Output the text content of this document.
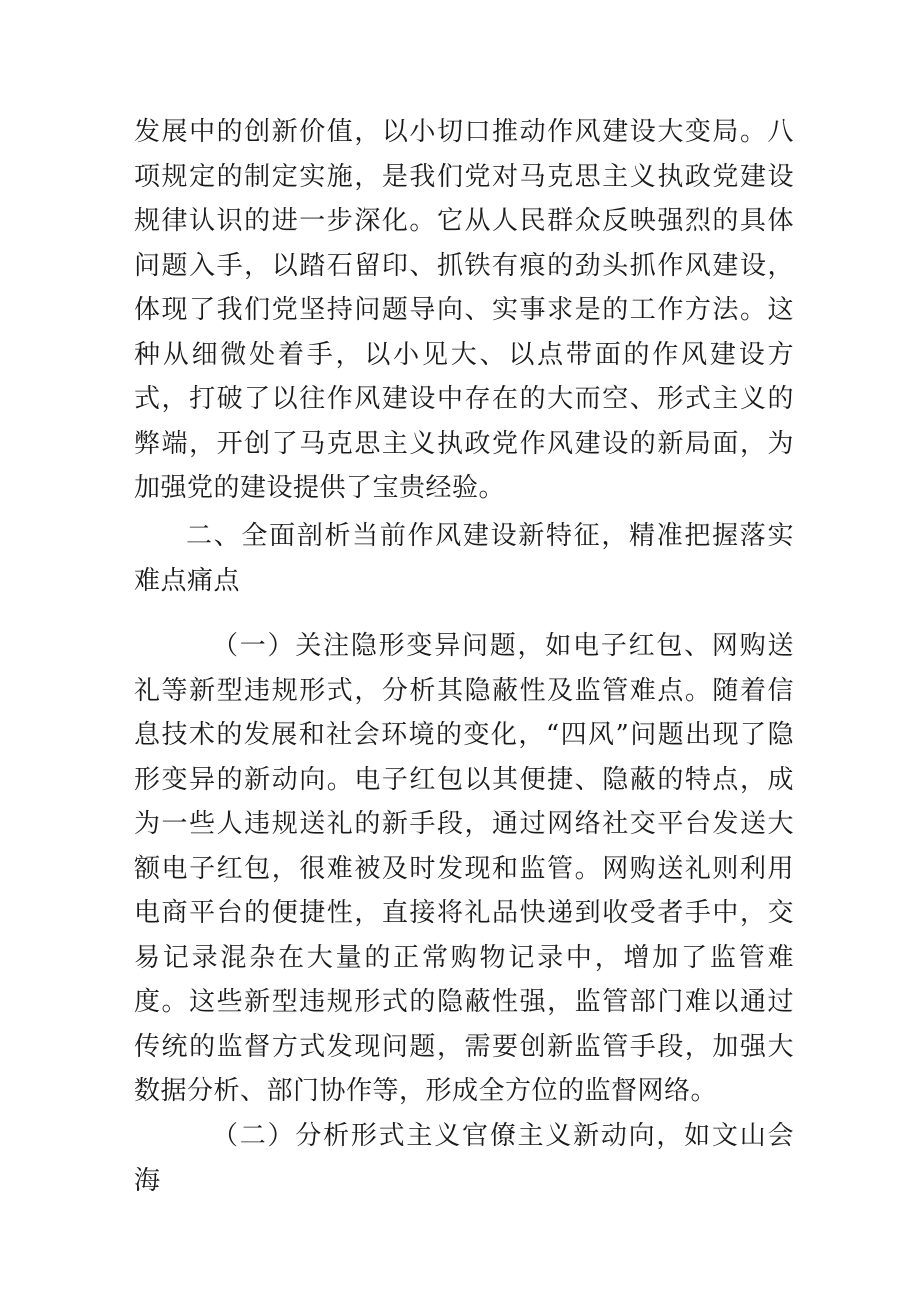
发展中的创新价值，以小切口推动作风建设大变局。八项规定的制定实施，是我们党对马克思主义执政党建设规律认识的进一步深化。它从人民群众反映强烈的具体问题入手，以踏石留印、抓铁有痕的劲头抓作风建设，体现了我们党坚持问题导向、实事求是的工作方法。这种从细微处着手，以小见大、以点带面的作风建设方式，打破了以往作风建设中存在的大而空、形式主义的弊端，开创了马克思主义执政党作风建设的新局面，为加强党的建设提供了宝贵经验。

二、全面剖析当前作风建设新特征，精准把握落实难点痛点

（一）关注隐形变异问题，如电子红包、网购送礼等新型违规形式，分析其隐蔽性及监管难点。随着信息技术的发展和社会环境的变化，“四风”问题出现了隐形变异的新动向。电子红包以其便捷、隐蔽的特点，成为一些人违规送礼的新手段，通过网络社交平台发送大额电子红包，很难被及时发现和监管。网购送礼则利用电商平台的便捷性，直接将礼品快递到收受者手中，交易记录混杂在大量的正常购物记录中，增加了监管难度。这些新型违规形式的隐蔽性强，监管部门难以通过传统的监督方式发现问题，需要创新监管手段，加强大数据分析、部门协作等，形成全方位的监督网络。

（二）分析形式主义官僚主义新动向，如文山会海
